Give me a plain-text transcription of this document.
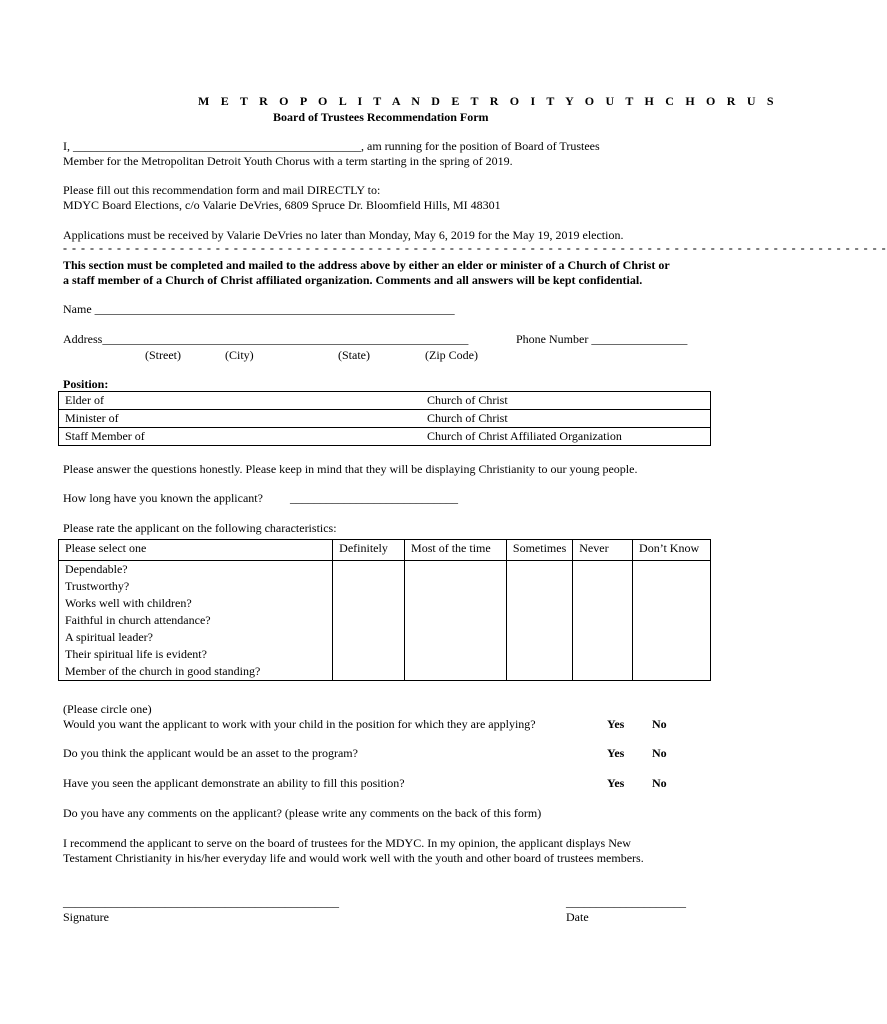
M E T R O P O L I T A N D E T R O I T Y O U T H C H O R U S
Board of Trustees Recommendation Form
I, ________________________________________________, am running for the position of Board of Trustees
Member for the Metropolitan Detroit Youth Chorus with a term starting in the spring of 2019.
Please fill out this recommendation form and mail DIRECTLY to:
MDYC Board Elections, c/o Valarie DeVries, 6809 Spruce Dr. Bloomfield Hills, MI 48301
Applications must be received by Valarie DeVries no later than Monday, May 6, 2019 for the May 19, 2019 election.
- - - - - - - - - - - - - - - - - - - - - - - - - - - - - - - - - - - - - - - - - - - - - - - - - - - - - - - - - - - - - - - - - - - - - - - - - - - - - - - - - - - - - - - - - - - -
This section must be completed and mailed to the address above by either an elder or minister of a Church of Christ or
a staff member of a Church of Christ affiliated organization. Comments and all answers will be kept confidential.
Name ____________________________________________________________
Address_____________________________________________________________	Phone Number ________________
(Street)	(City)	(State)	(Zip Code)
Position:
Elder of	Church of Christ
Minister of	Church of Christ
Staff Member of	Church of Christ Affiliated Organization
Please answer the questions honestly. Please keep in mind that they will be displaying Christianity to our young people.
How long have you known the applicant? ____________________________
Please rate the applicant on the following characteristics:
Please select one	Definitely	Most of the time	Sometimes	Never	Don’t Know
Dependable?					
Trustworthy?					
Works well with children?					
Faithful in church attendance?					
A spiritual leader?					
Their spiritual life is evident?					
Member of the church in good standing?					
(Please circle one)
Would you want the applicant to work with your child in the position for which they are applying?	Yes No
Do you think the applicant would be an asset to the program?	Yes No
Have you seen the applicant demonstrate an ability to fill this position?	Yes No
Do you have any comments on the applicant? (please write any comments on the back of this form)
I recommend the applicant to serve on the board of trustees for the MDYC. In my opinion, the applicant displays New
Testament Christianity in his/her everyday life and would work well with the youth and other board of trustees members.
______________________________________________
Signature
____________________
Date
